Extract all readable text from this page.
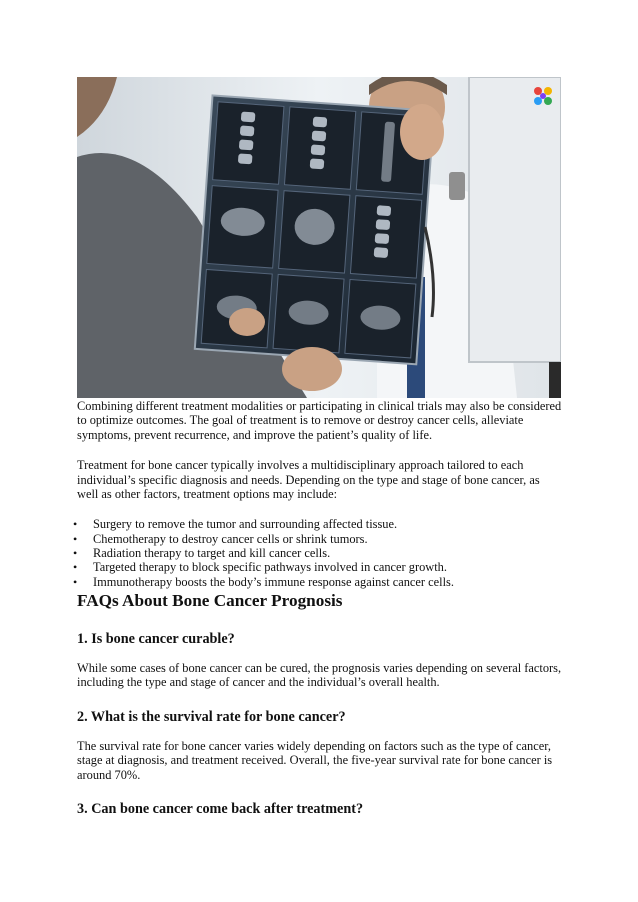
Combining different treatment modalities or participating in clinical trials may also be considered to optimize outcomes. The goal of treatment is to remove or destroy cancer cells, alleviate symptoms, prevent recurrence, and improve the patient’s quality of life.

Treatment for bone cancer typically involves a multidisciplinary approach tailored to each individual’s specific diagnosis and needs. Depending on the type and stage of bone cancer, as well as other factors, treatment options may include:

• Surgery to remove the tumor and surrounding affected tissue.
• Chemotherapy to destroy cancer cells or shrink tumors.
• Radiation therapy to target and kill cancer cells.
• Targeted therapy to block specific pathways involved in cancer growth.
• Immunotherapy boosts the body’s immune response against cancer cells.
FAQs About Bone Cancer Prognosis
1. Is bone cancer curable?

While some cases of bone cancer can be cured, the prognosis varies depending on several factors, including the type and stage of cancer and the individual’s overall health.

2. What is the survival rate for bone cancer?

The survival rate for bone cancer varies widely depending on factors such as the type of cancer, stage at diagnosis, and treatment received. Overall, the five-year survival rate for bone cancer is around 70%.

3. Can bone cancer come back after treatment?
